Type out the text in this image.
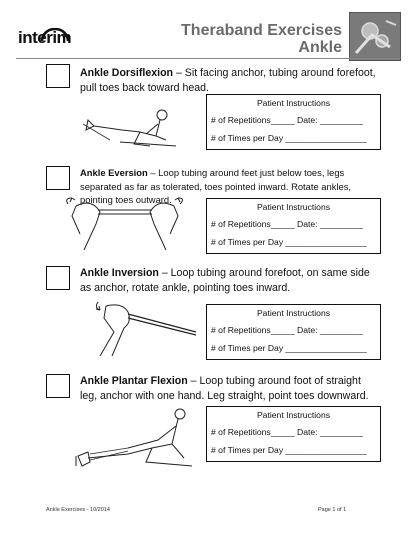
interim	Theraband Exercises
Ankle
Ankle Dorsiflexion – Sit facing anchor, tubing around forefoot, pull toes back toward head.
Patient Instructions
# of Repetitions_____ Date: _________
# of Times per Day _________________
Ankle Eversion – Loop tubing around feet just below toes, legs separated as far as tolerated, toes pointed inward. Rotate ankles, pointing toes outward.
Patient Instructions
# of Repetitions_____ Date: _________
# of Times per Day _________________
Ankle Inversion – Loop tubing around forefoot, on same side as anchor, rotate ankle, pointing toes inward.
Patient Instructions
# of Repetitions_____ Date: _________
# of Times per Day _________________
Ankle Plantar Flexion – Loop tubing around foot of straight leg, anchor with one hand. Leg straight, point toes downward.
Patient Instructions
# of Repetitions_____ Date: _________
# of Times per Day _________________
Ankle Exercises - 10/2014	Page 1 of 1
